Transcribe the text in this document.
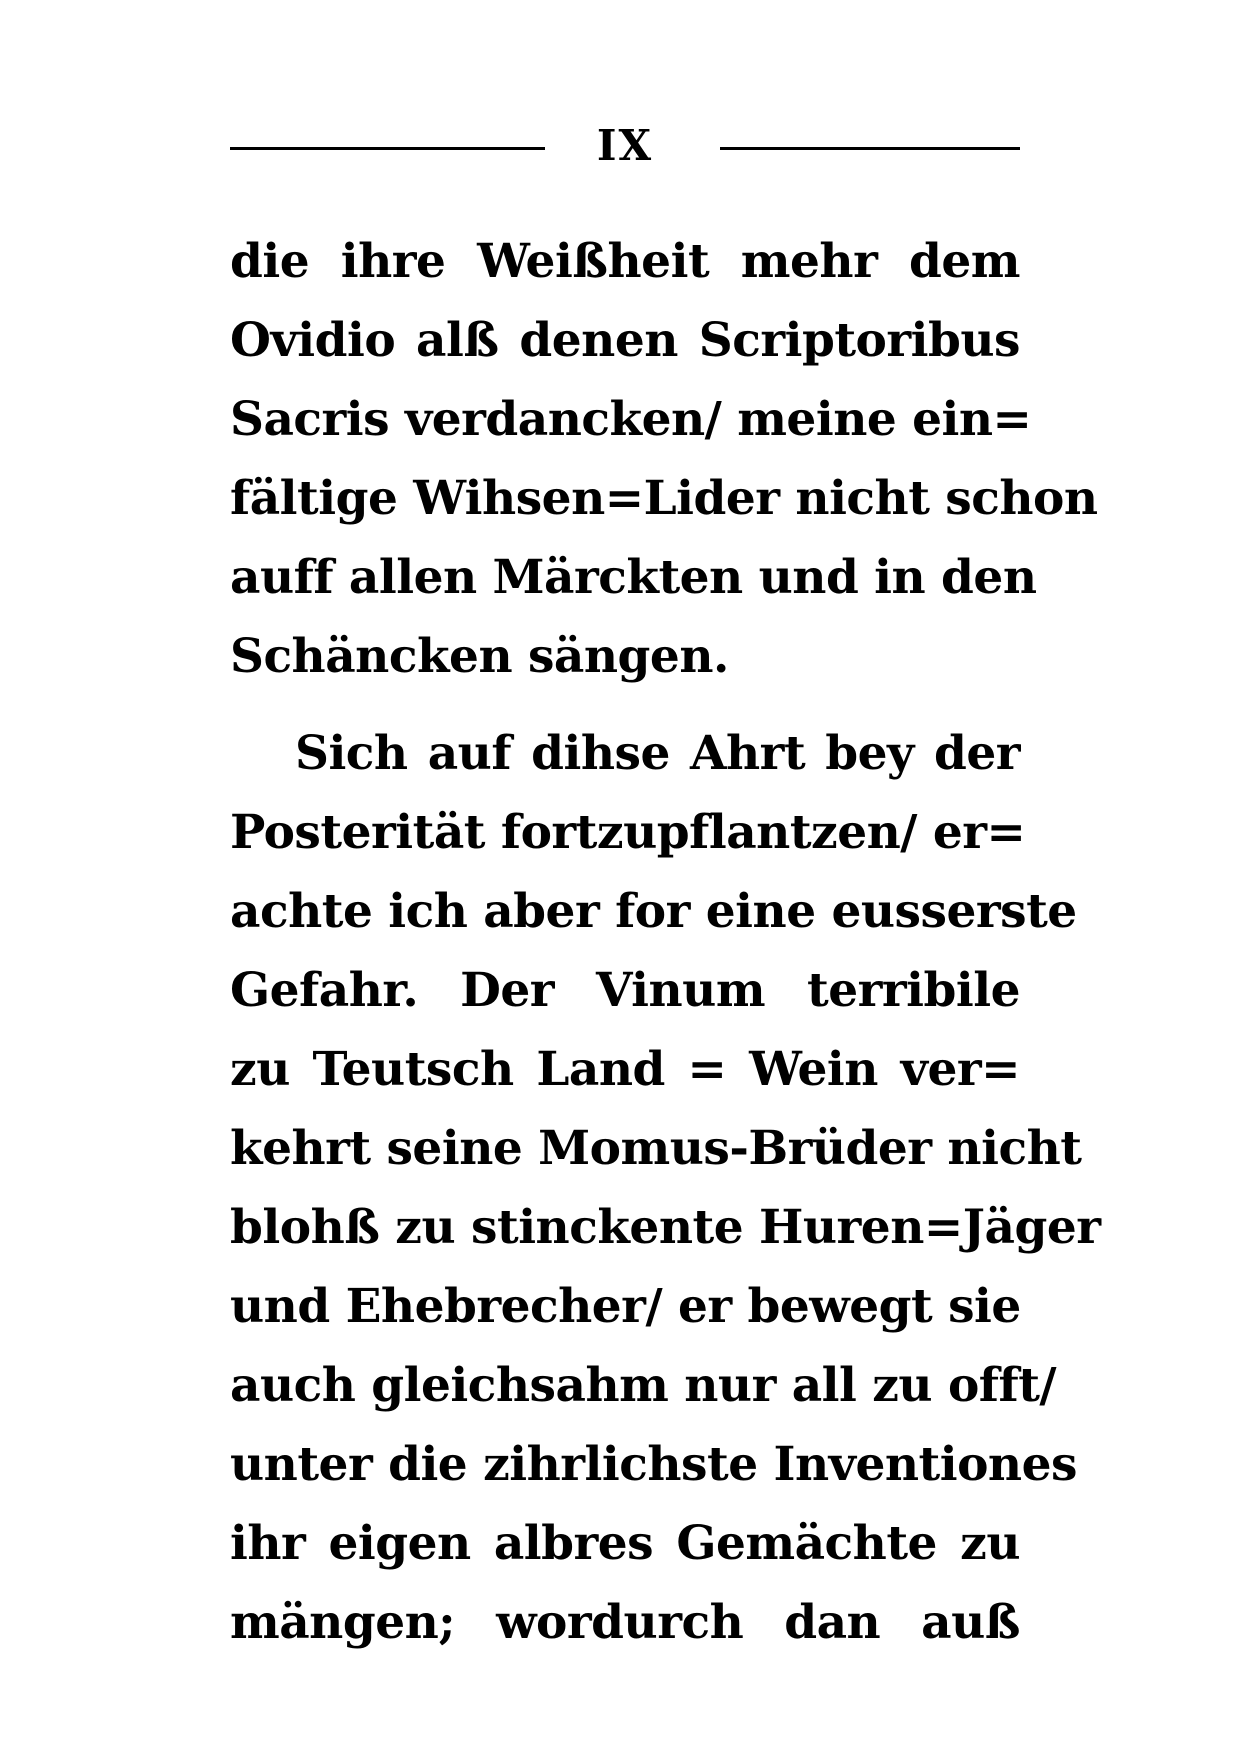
IX
die ihre Weißheit mehr dem
Ovidio alß denen Scriptoribus
Sacris verdancken/ meine ein=
fältige Wihsen=Lider nicht schon
auff allen Märckten und in den
Schäncken sängen.
Sich auf dihse Ahrt bey der
Posterität fortzupflantzen/ er=
achte ich aber for eine eusserste
Gefahr. Der Vinum terribile
zu Teutsch Land = Wein ver=
kehrt seine Momus-Brüder nicht
blohß zu stinckente Huren=Jäger
und Ehebrecher/ er bewegt sie
auch gleichsahm nur all zu offt/
unter die zihrlichste Inventiones
ihr eigen albres Gemächte zu
mängen; wordurch dan auß
